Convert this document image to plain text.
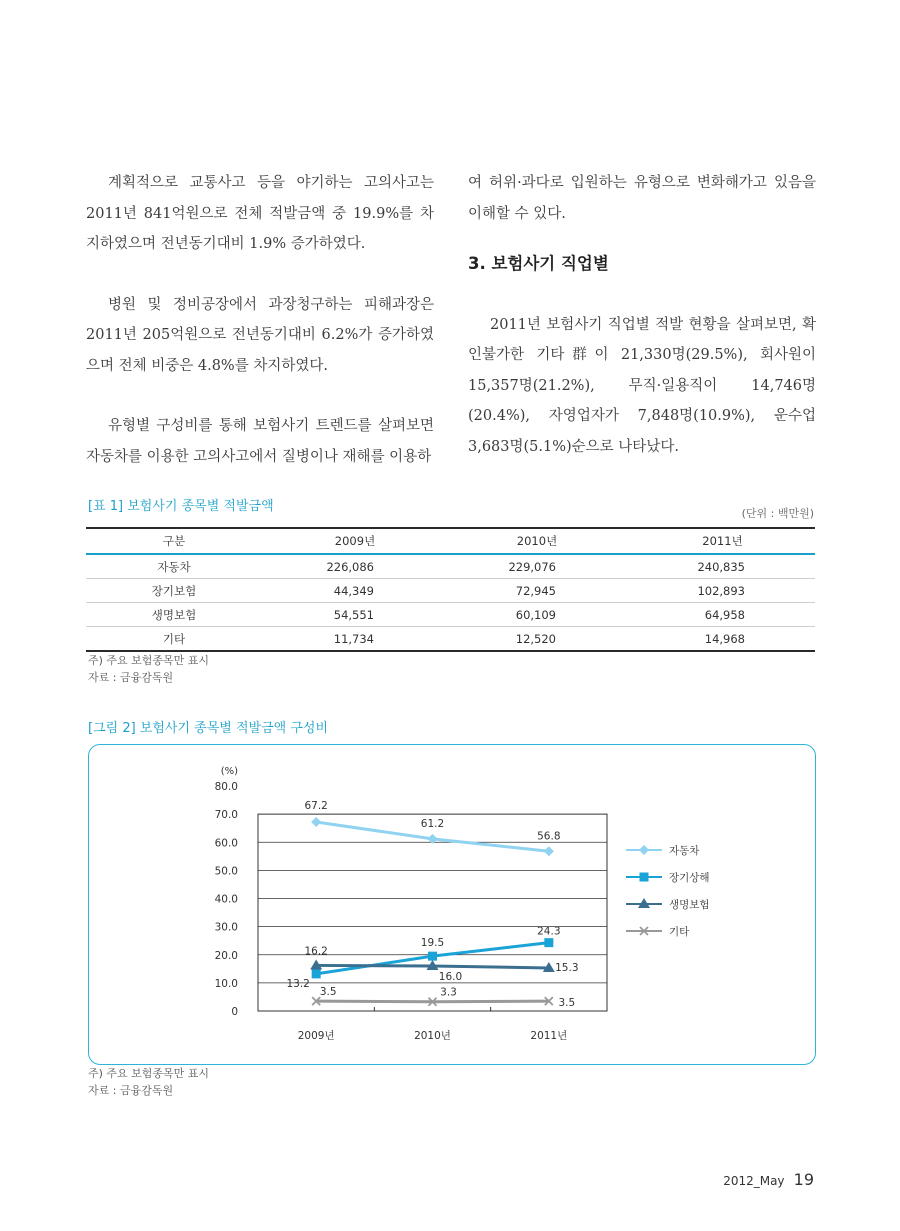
계획적으로 교통사고 등을 야기하는 고의사고는 2011년 841억원으로 전체 적발금액 중 19.9%를 차지하였으며 전년동기대비 1.9% 증가하였다.

병원 및 정비공장에서 과장청구하는 피해과장은 2011년 205억원으로 전년동기대비 6.2%가 증가하였으며 전체 비중은 4.8%를 차지하였다.

유형별 구성비를 통해 보험사기 트렌드를 살펴보면 자동차를 이용한 고의사고에서 질병이나 재해를 이용하

여 허위·과다로 입원하는 유형으로 변화해가고 있음을 이해할 수 있다.

3. 보험사기 직업별

2011년 보험사기 직업별 적발 현황을 살펴보면, 확인불가한 기타群이 21,330명(29.5%), 회사원이 15,357명(21.2%), 무직·일용직이 14,746명(20.4%), 자영업자가 7,848명(10.9%), 운수업 3,683명(5.1%)순으로 나타났다.

[표 1] 보험사기 종목별 적발금액	(단위 : 백만원)
구분		2009년		2010년		2011년
자동차		226,086		229,076		240,835
장기보험		44,349		72,945		102,893
생명보험		54,551		60,109		64,958
기타		11,734		12,520		14,968
주) 주요 보험종목만 표시
자료 : 금융감독원
[그림 2] 보험사기 종목별 적발금액 구성비
0
10.0
20.0
30.0
40.0
50.0
60.0
70.0
80.0
(%)
2009년	2010년	2011년
67.2
61.2
56.8
자동차
13.2
19.5
24.3
장기상해
16.2
16.0
15.3
생명보험
3.5	3.3
3.5
기타
주) 주요 보험종목만 표시
자료 : 금융감독원
2012_May 19
